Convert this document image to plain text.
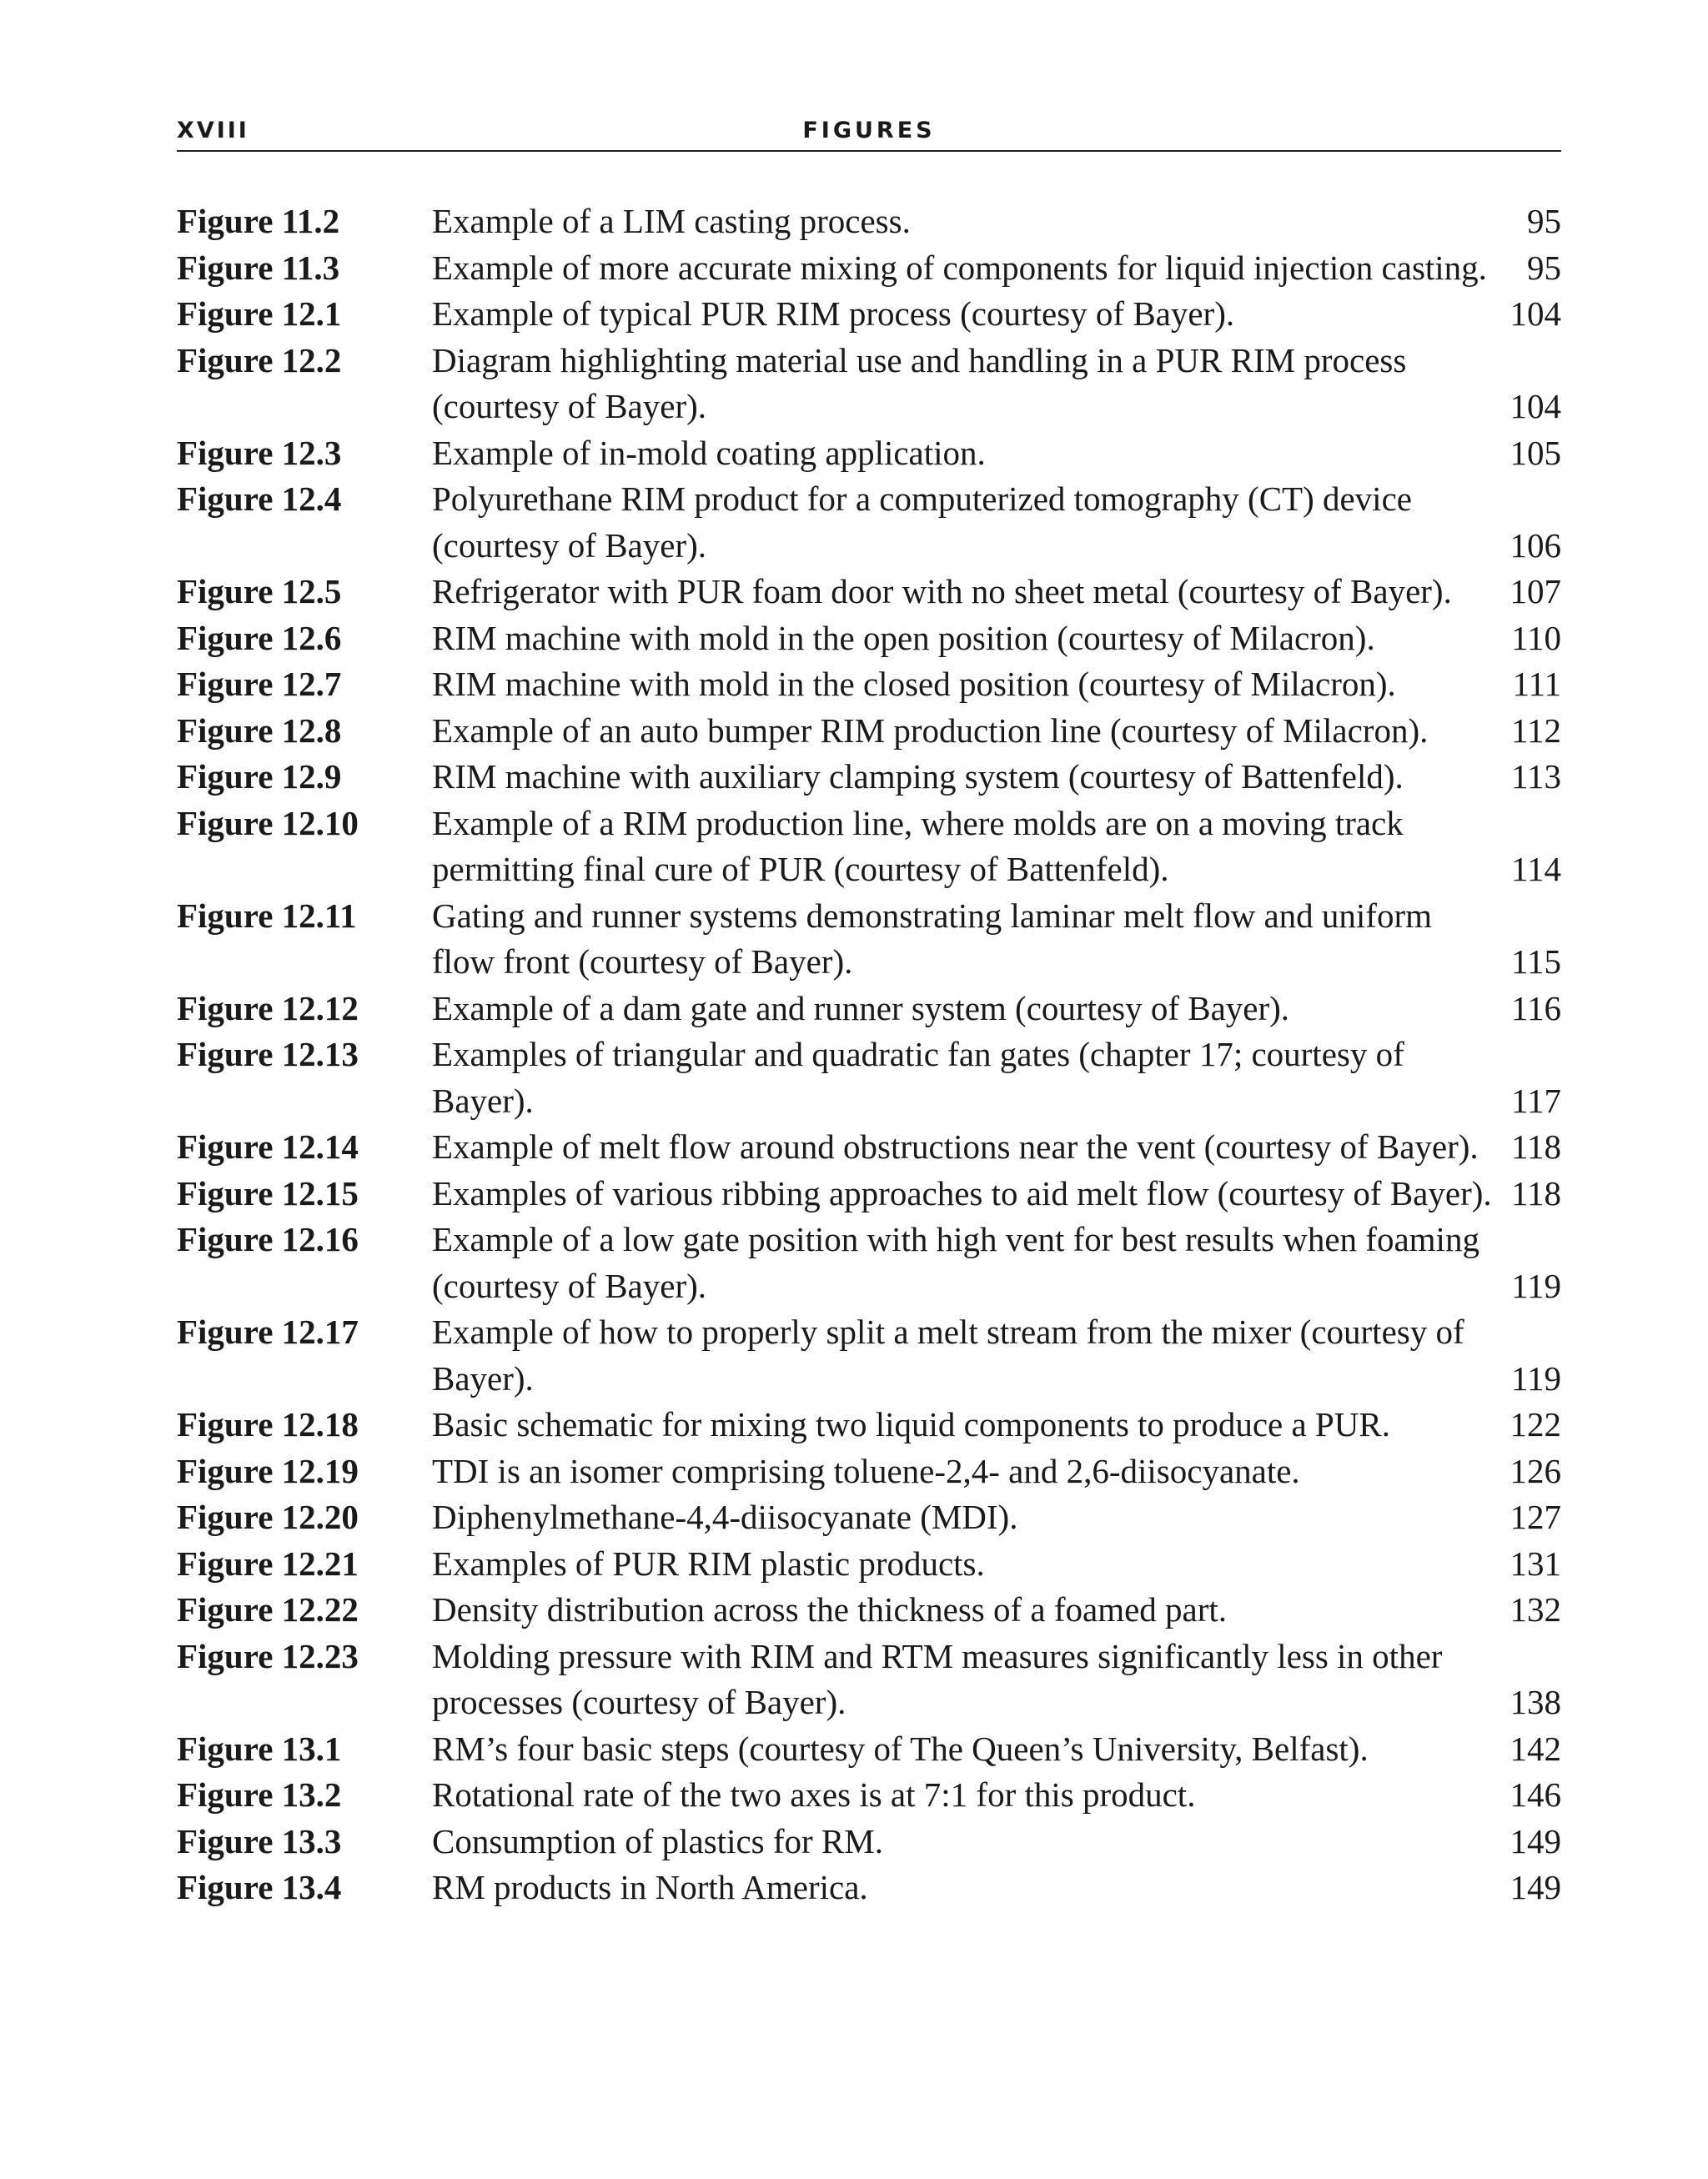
XVIII	FIGURES
Figure 11.2	Example of a LIM casting process.	95
Figure 11.3	Example of more accurate mixing of components for liquid injection casting.	95
Figure 12.1	Example of typical PUR RIM process (courtesy of Bayer).	104
Figure 12.2	Diagram highlighting material use and handling in a PUR RIM process (courtesy of Bayer).	104
Figure 12.3	Example of in-mold coating application.	105
Figure 12.4	Polyurethane RIM product for a computerized tomography (CT) device (courtesy of Bayer).	106
Figure 12.5	Refrigerator with PUR foam door with no sheet metal (courtesy of Bayer).	107
Figure 12.6	RIM machine with mold in the open position (courtesy of Milacron).	110
Figure 12.7	RIM machine with mold in the closed position (courtesy of Milacron).	111
Figure 12.8	Example of an auto bumper RIM production line (courtesy of Milacron).	112
Figure 12.9	RIM machine with auxiliary clamping system (courtesy of Battenfeld).	113
Figure 12.10	Example of a RIM production line, where molds are on a moving track permitting final cure of PUR (courtesy of Battenfeld).	114
Figure 12.11	Gating and runner systems demonstrating laminar melt flow and uniform flow front (courtesy of Bayer).	115
Figure 12.12	Example of a dam gate and runner system (courtesy of Bayer).	116
Figure 12.13	Examples of triangular and quadratic fan gates (chapter 17; courtesy of Bayer).	117
Figure 12.14	Example of melt flow around obstructions near the vent (courtesy of Bayer). 118
Figure 12.15	Examples of various ribbing approaches to aid melt flow (courtesy of Bayer). 118
Figure 12.16	Example of a low gate position with high vent for best results when foaming (courtesy of Bayer).	119
Figure 12.17	Example of how to properly split a melt stream from the mixer (courtesy of Bayer).	119
Figure 12.18	Basic schematic for mixing two liquid components to produce a PUR.	122
Figure 12.19	TDI is an isomer comprising toluene-2,4- and 2,6-diisocyanate.	126
Figure 12.20	Diphenylmethane-4,4-diisocyanate (MDI).	127
Figure 12.21	Examples of PUR RIM plastic products.	131
Figure 12.22	Density distribution across the thickness of a foamed part.	132
Figure 12.23	Molding pressure with RIM and RTM measures significantly less in other processes (courtesy of Bayer).	138
Figure 13.1	RM’s four basic steps (courtesy of The Queen’s University, Belfast).	142
Figure 13.2	Rotational rate of the two axes is at 7:1 for this product.	146
Figure 13.3	Consumption of plastics for RM.	149
Figure 13.4	RM products in North America.	149
